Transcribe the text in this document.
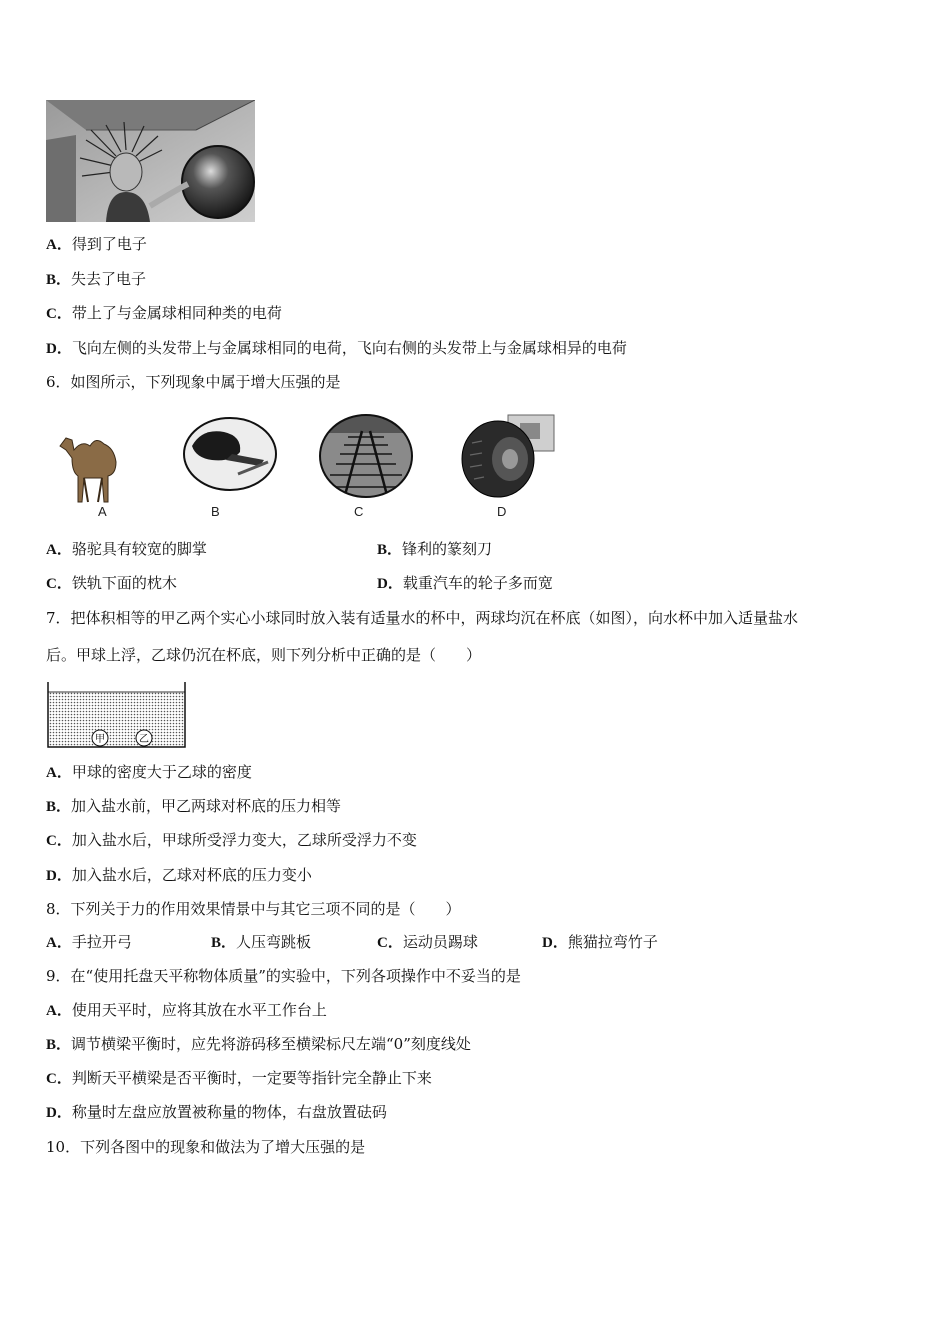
A．得到了电子
B．失去了电子
C．带上了与金属球相同种类的电荷
D．飞向左侧的头发带上与金属球相同的电荷，飞向右侧的头发带上与金属球相异的电荷
6．如图所示，下列现象中属于增大压强的是
A	B	C	D
A．骆驼具有较宽的脚掌	B．锋利的篆刻刀
C．铁轨下面的枕木	D．载重汽车的轮子多而宽
7．把体积相等的甲乙两个实心小球同时放入装有适量水的杯中，两球均沉在杯底（如图），向水杯中加入适量盐水
后。甲球上浮，乙球仍沉在杯底，则下列分析中正确的是（　　）
甲	乙
A．甲球的密度大于乙球的密度
B．加入盐水前，甲乙两球对杯底的压力相等
C．加入盐水后，甲球所受浮力变大，乙球所受浮力不变
D．加入盐水后，乙球对杯底的压力变小
8．下列关于力的作用效果情景中与其它三项不同的是（　　）
A．手拉开弓	B．人压弯跳板	C．运动员踢球	D．熊猫拉弯竹子
9．在“使用托盘天平称物体质量”的实验中，下列各项操作中不妥当的是
A．使用天平时，应将其放在水平工作台上
B．调节横梁平衡时，应先将游码移至横梁标尺左端“0”刻度线处
C．判断天平横梁是否平衡时，一定要等指针完全静止下来
D．称量时左盘应放置被称量的物体，右盘放置砝码
10．下列各图中的现象和做法为了增大压强的是
